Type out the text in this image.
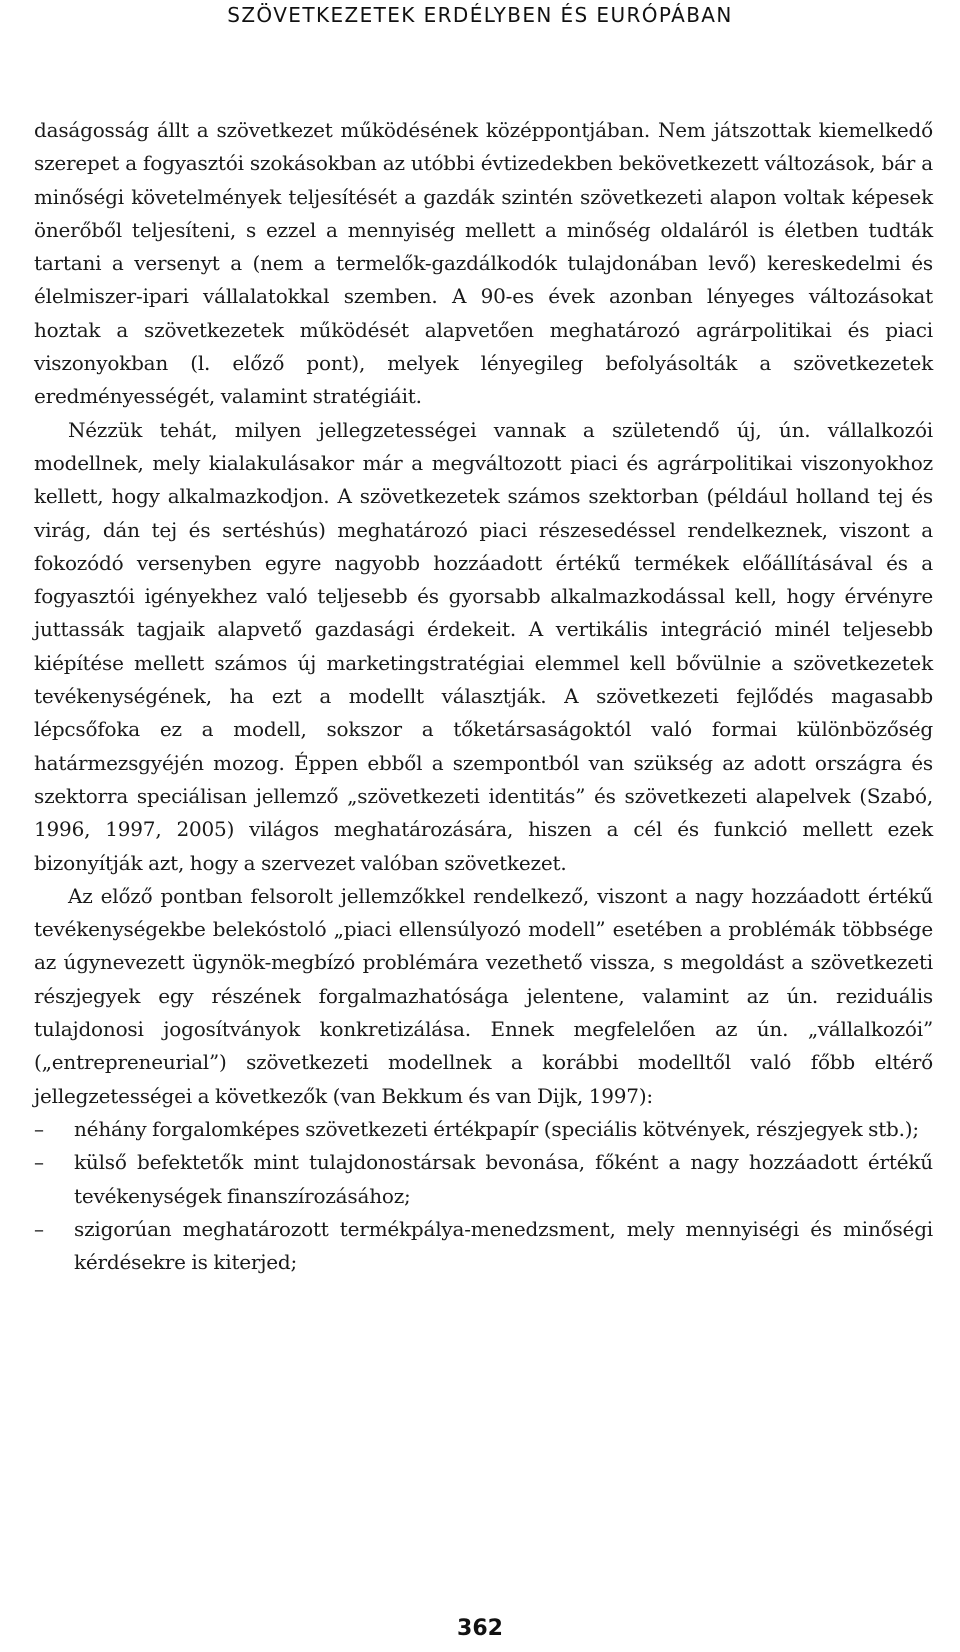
SZÖVETKEZETEK ERDÉLYBEN ÉS EURÓPÁBAN

daságosság állt a szövetkezet működésének középpontjában. Nem játszottak kiemelkedő szerepet a fogyasztói szokásokban az utóbbi évtizedekben bekövetkezett változások, bár a minőségi követelmények teljesítését a gazdák szintén szövetkezeti alapon voltak képesek önerőből teljesíteni, s ezzel a mennyiség mellett a minőség oldaláról is életben tudták tartani a versenyt a (nem a termelők-gazdálkodók tulajdonában levő) kereskedelmi és élelmiszer-ipari vállalatokkal szemben. A 90-es évek azonban lényeges változásokat hoztak a szövetkezetek működését alapvetően meghatározó agrárpolitikai és piaci viszonyokban (l. előző pont), melyek lényegileg befolyásolták a szövetkezetek eredményességét, valamint stratégiáit.

Nézzük tehát, milyen jellegzetességei vannak a születendő új, ún. vállalkozói modellnek, mely kialakulásakor már a megváltozott piaci és agrárpolitikai viszonyokhoz kellett, hogy alkalmazkodjon. A szövetkezetek számos szektorban (például holland tej és virág, dán tej és sertéshús) meghatározó piaci részesedéssel rendelkeznek, viszont a fokozódó versenyben egyre nagyobb hozzáadott értékű termékek előállításával és a fogyasztói igényekhez való teljesebb és gyorsabb alkalmazkodással kell, hogy érvényre juttassák tagjaik alapvető gazdasági érdekeit. A vertikális integráció minél teljesebb kiépítése mellett számos új marketingstratégiai elemmel kell bővülnie a szövetkezetek tevékenységének, ha ezt a modellt választják. A szövetkezeti fejlődés magasabb lépcsőfoka ez a modell, sokszor a tőketársaságoktól való formai különbözőség határmezsgyéjén mozog. Éppen ebből a szempontból van szükség az adott országra és szektorra speciálisan jellemző „szövetkezeti identitás” és szövetkezeti alapelvek (Szabó, 1996, 1997, 2005) világos meghatározására, hiszen a cél és funkció mellett ezek bizonyítják azt, hogy a szervezet valóban szövetkezet.

Az előző pontban felsorolt jellemzőkkel rendelkező, viszont a nagy hozzáadott értékű tevékenységekbe belekóstoló „piaci ellensúlyozó modell” esetében a problémák többsége az úgynevezett ügynök-megbízó problémára vezethető vissza, s megoldást a szövetkezeti részjegyek egy részének forgalmazhatósága jelentene, valamint az ún. reziduális tulajdonosi jogosítványok konkretizálása. Ennek megfelelően az ún. „vállalkozói” („entrepreneurial”) szövetkezeti modellnek a korábbi modelltől való főbb eltérő jellegzetességei a következők (van Bekkum és van Dijk, 1997):

– néhány forgalomképes szövetkezeti értékpapír (speciális kötvények, részjegyek stb.);
– külső befektetők mint tulajdonostársak bevonása, főként a nagy hozzáadott értékű tevékenységek finanszírozásához;
– szigorúan meghatározott termékpálya-menedzsment, mely mennyiségi és minőségi kérdésekre is kiterjed;
362
